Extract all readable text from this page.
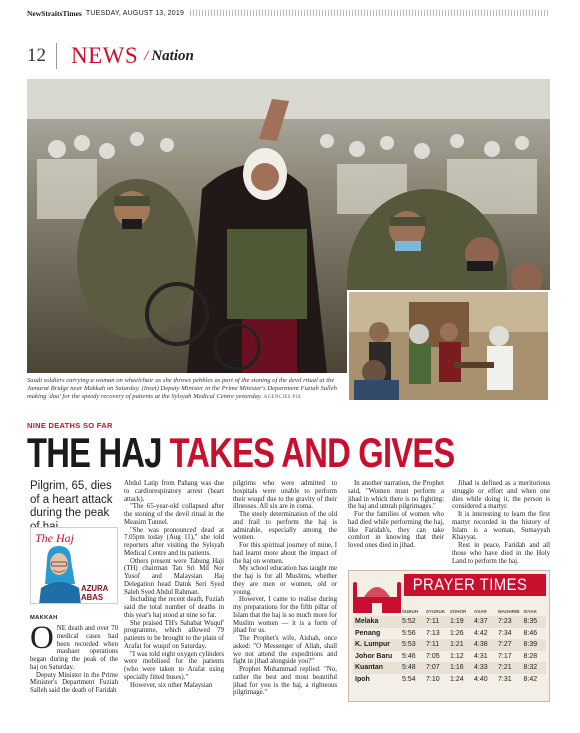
NewStraitsTimes TUESDAY, AUGUST 13, 2019
12	NEWS / Nation
Saudi soldiers carrying a woman on wheelchair as she throws pebbles as part of the stoning of the devil ritual at the Jamarat Bridge near Makkah on Saturday. (Inset) Deputy Minister in the Prime Minister's Department Fuziah Salleh making 'doa' for the speedy recovery of patients at the Sylsyah Medical Centre yesterday. AGENCIES PIX
NINE DEATHS SO FAR
THE HAJ TAKES AND GIVES
Pilgrim, 65, dies of a heart attack during the peak
The Haj
AZURA
ABAS
MAKKAH

ONE death and over 70 medical cases had been recorded when mashaer operations began during the peak of the haj on Saturday.

Deputy Minister in the Prime Minister's Department Fuziah Salleh said the death of Faridah

Abdul Latip from Pahang was due to cardiorespiratory arrest (heart attack).

"The 65-year-old collapsed after the stoning of the devil ritual in the Measim Tunnel.

"She was pronounced dead at 7.05pm today (Aug 11)," she told reporters after visiting the Sylsyah Medical Centre and its patients.

Others present were Tabung Haji (TH) chairman Tan Sri Md Nor Yusof and Malaysian Haj Delegation head Datuk Seri Syed Saleh Syed Abdul Rahman.

Including the recent death, Fuziah said the total number of deaths in this year's haj stood at nine so far.

She praised TH's Sahabat Wuquf' programme, which allowed 79 patients to be brought to the plain of Arafat for wuquf on Saturday.

"I was told eight oxygen cylinders were mobilised for the patients (who were taken to Arafat using specially fitted buses)."

However, six other Malaysian

pilgrims who were admitted to hospitals were unable to perform their wuquf due to the gravity of their illnesses. All six are in coma.

The steely determination of the old and frail to perform the haj is admirable, especially among the women.

For this spiritual journey of mine, I had learnt more about the impact of the haj on women.

My school education has taught me the haj is for all Muslims, whether they are men or women, old or young.

However, I came to realise during my preparations for the fifth pillar of Islam that the haj is so much more for Muslim women — it is a form of jihad for us.

The Prophet's wife, Aishah, once asked: "O Messenger of Allah, shall we not attend the expeditions and fight in jihad alongside you?"

Prophet Muhammad replied: "No, rather the best and most beautiful jihad for you is the haj, a righteous pilgrimage."

In another narration, the Prophet said, "Women must perform a jihad in which there is no fighting: the haj and umrah pilgrimages."

For the families of women who had died while performing the haj, like Faridah's, they can take comfort in knowing that their loved ones died in jihad.

Jihad is defined as a meritorious struggle or effort and when one dies while doing it, the person is considered a martyr.

It is interesting to learn the first martyr recorded in the history of Islam is a woman, Sumayyah Khayyat.

Rest in peace, Faridah and all those who have died in the Holy Land to perform the haj.

PRAYER TIMES
	SUBUH	SYURUK	ZOHOR	ASAR	MAGHRIB	ISYAK
Melaka	5:52	7:11	1:19	4:37	7:23	8:35
Penang	5:56	7:13	1:26	4:42	7:34	8:46
K. Lumpur	5:53	7:11	1:21	4:38	7:27	8:39
Johor Baru	5:46	7:05	1:12	4:31	7:17	8:28
Kuantan	5:48	7:07	1:16	4:33	7:21	8:32
Ipoh	5:54	7:10	1:24	4:40	7:31	8:42
